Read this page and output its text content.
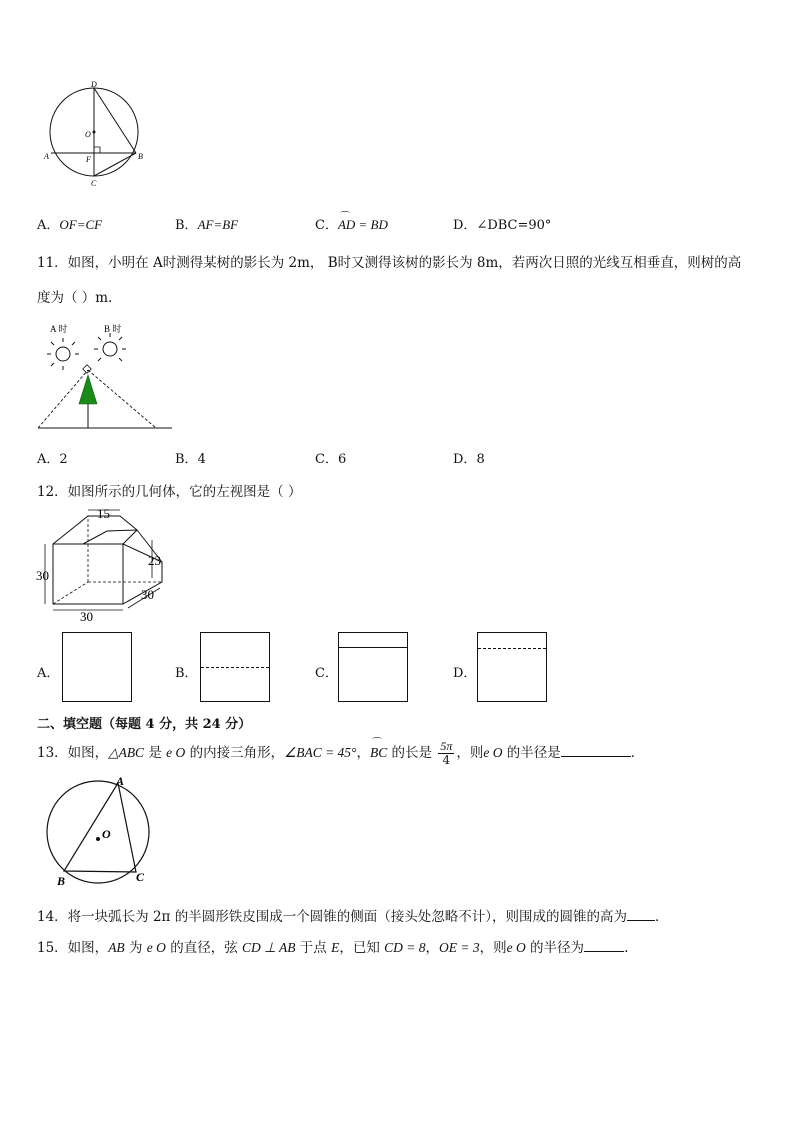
D
O
A	F	B
C
A．OF=CF	B．AF=BF	C．⌒ AD = BD	D．∠DBC=90°
11．如图，小明在 A时测得某树的影长为 2m， B时又测得该树的影长为 8m，若两次日照的光线互相垂直，则树的高
度为（ ）m．
A 时	B 时
A．2	B．4	C．6	D．8
12．如图所示的几何体，它的左视图是（ ）
15
23
30
30
30
A．	B．	C．	D．
二、填空题（每题 4 分，共 24 分）
13．如图，△ABC 是 e O 的内接三角形，∠BAC = 45°，⌒ BC 的长是 $\frac{5\pi}{4}$ ，则e O 的半径是	．
A
O
B	C
14．将一块弧长为 2π 的半圆形铁皮围成一个圆锥的侧面（接头处忽略不计），则围成的圆锥的高为 ．
15．如图，AB 为 e O 的直径，弦 CD ⊥ AB 于点 E，已知 CD = 8，OE = 3，则e O 的半径为	.
